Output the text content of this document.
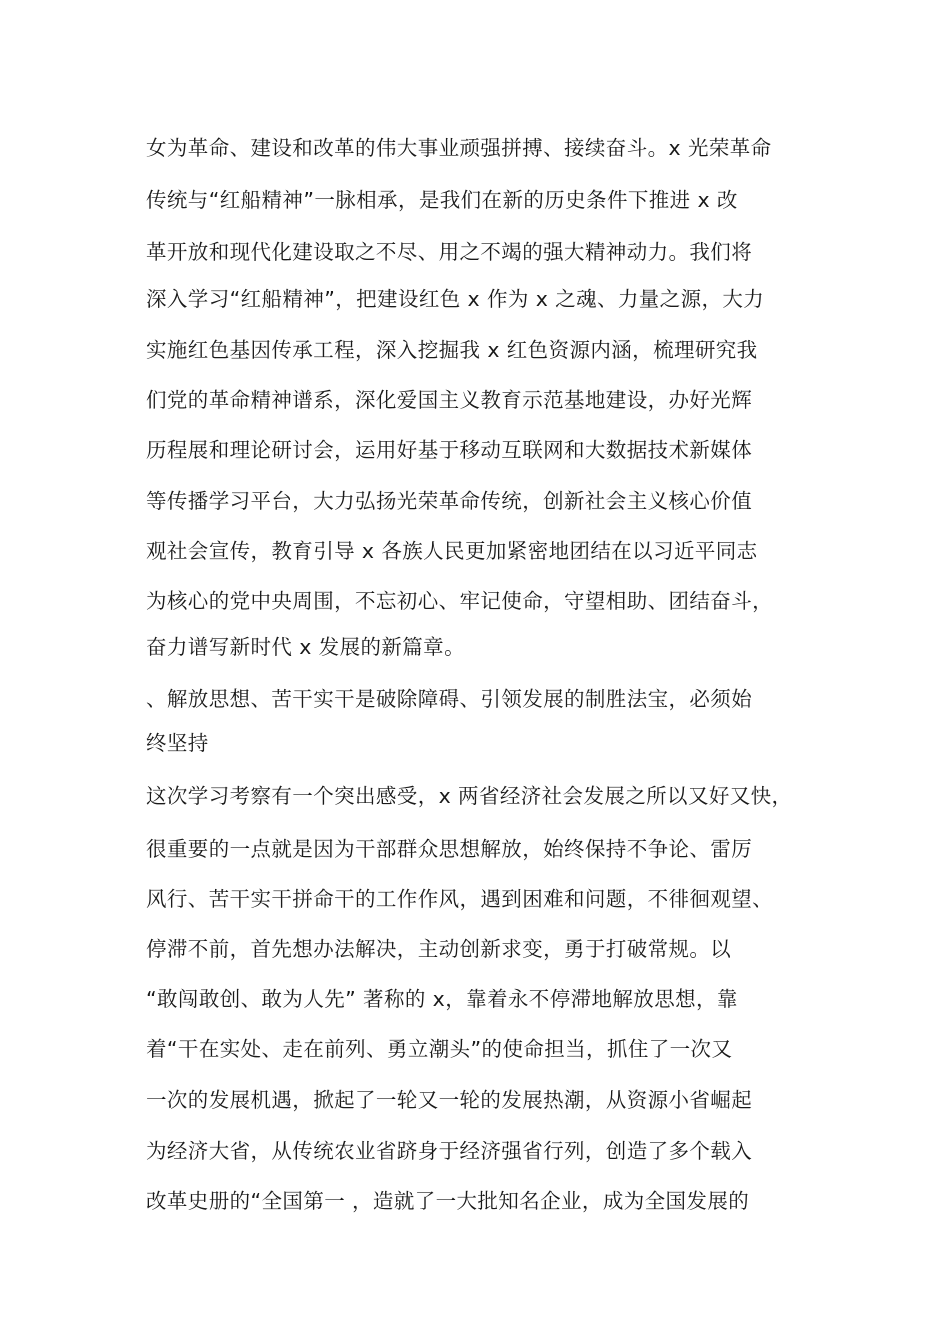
女为革命、建设和改革的伟大事业顽强拼搏、接续奋斗。x 光荣革命
传统与“红船精神”一脉相承，是我们在新的历史条件下推进 x 改
革开放和现代化建设取之不尽、用之不竭的强大精神动力。我们将
深入学习“红船精神”，把建设红色 x 作为 x 之魂、力量之源，大力
实施红色基因传承工程，深入挖掘我 x 红色资源内涵，梳理研究我
们党的革命精神谱系，深化爱国主义教育示范基地建设，办好光辉
历程展和理论研讨会，运用好基于移动互联网和大数据技术新媒体
等传播学习平台，大力弘扬光荣革命传统，创新社会主义核心价值
观社会宣传，教育引导 x 各族人民更加紧密地团结在以习近平同志
为核心的党中央周围，不忘初心、牢记使命，守望相助、团结奋斗，
奋力谱写新时代 x 发展的新篇章。
、解放思想、苦干实干是破除障碍、引领发展的制胜法宝，必须始
终坚持
这次学习考察有一个突出感受，x 两省经济社会发展之所以又好又快，
很重要的一点就是因为干部群众思想解放，始终保持不争论、雷厉
风行、苦干实干拼命干的工作作风，遇到困难和问题，不徘徊观望、
停滞不前，首先想办法解决，主动创新求变，勇于打破常规。以
“敢闯敢创、敢为人先” 著称的 x，靠着永不停滞地解放思想，靠
着“干在实处、走在前列、勇立潮头”的使命担当，抓住了一次又
一次的发展机遇，掀起了一轮又一轮的发展热潮，从资源小省崛起
为经济大省，从传统农业省跻身于经济强省行列，创造了多个载入
改革史册的“全国第一 ，造就了一大批知名企业，成为全国发展的
